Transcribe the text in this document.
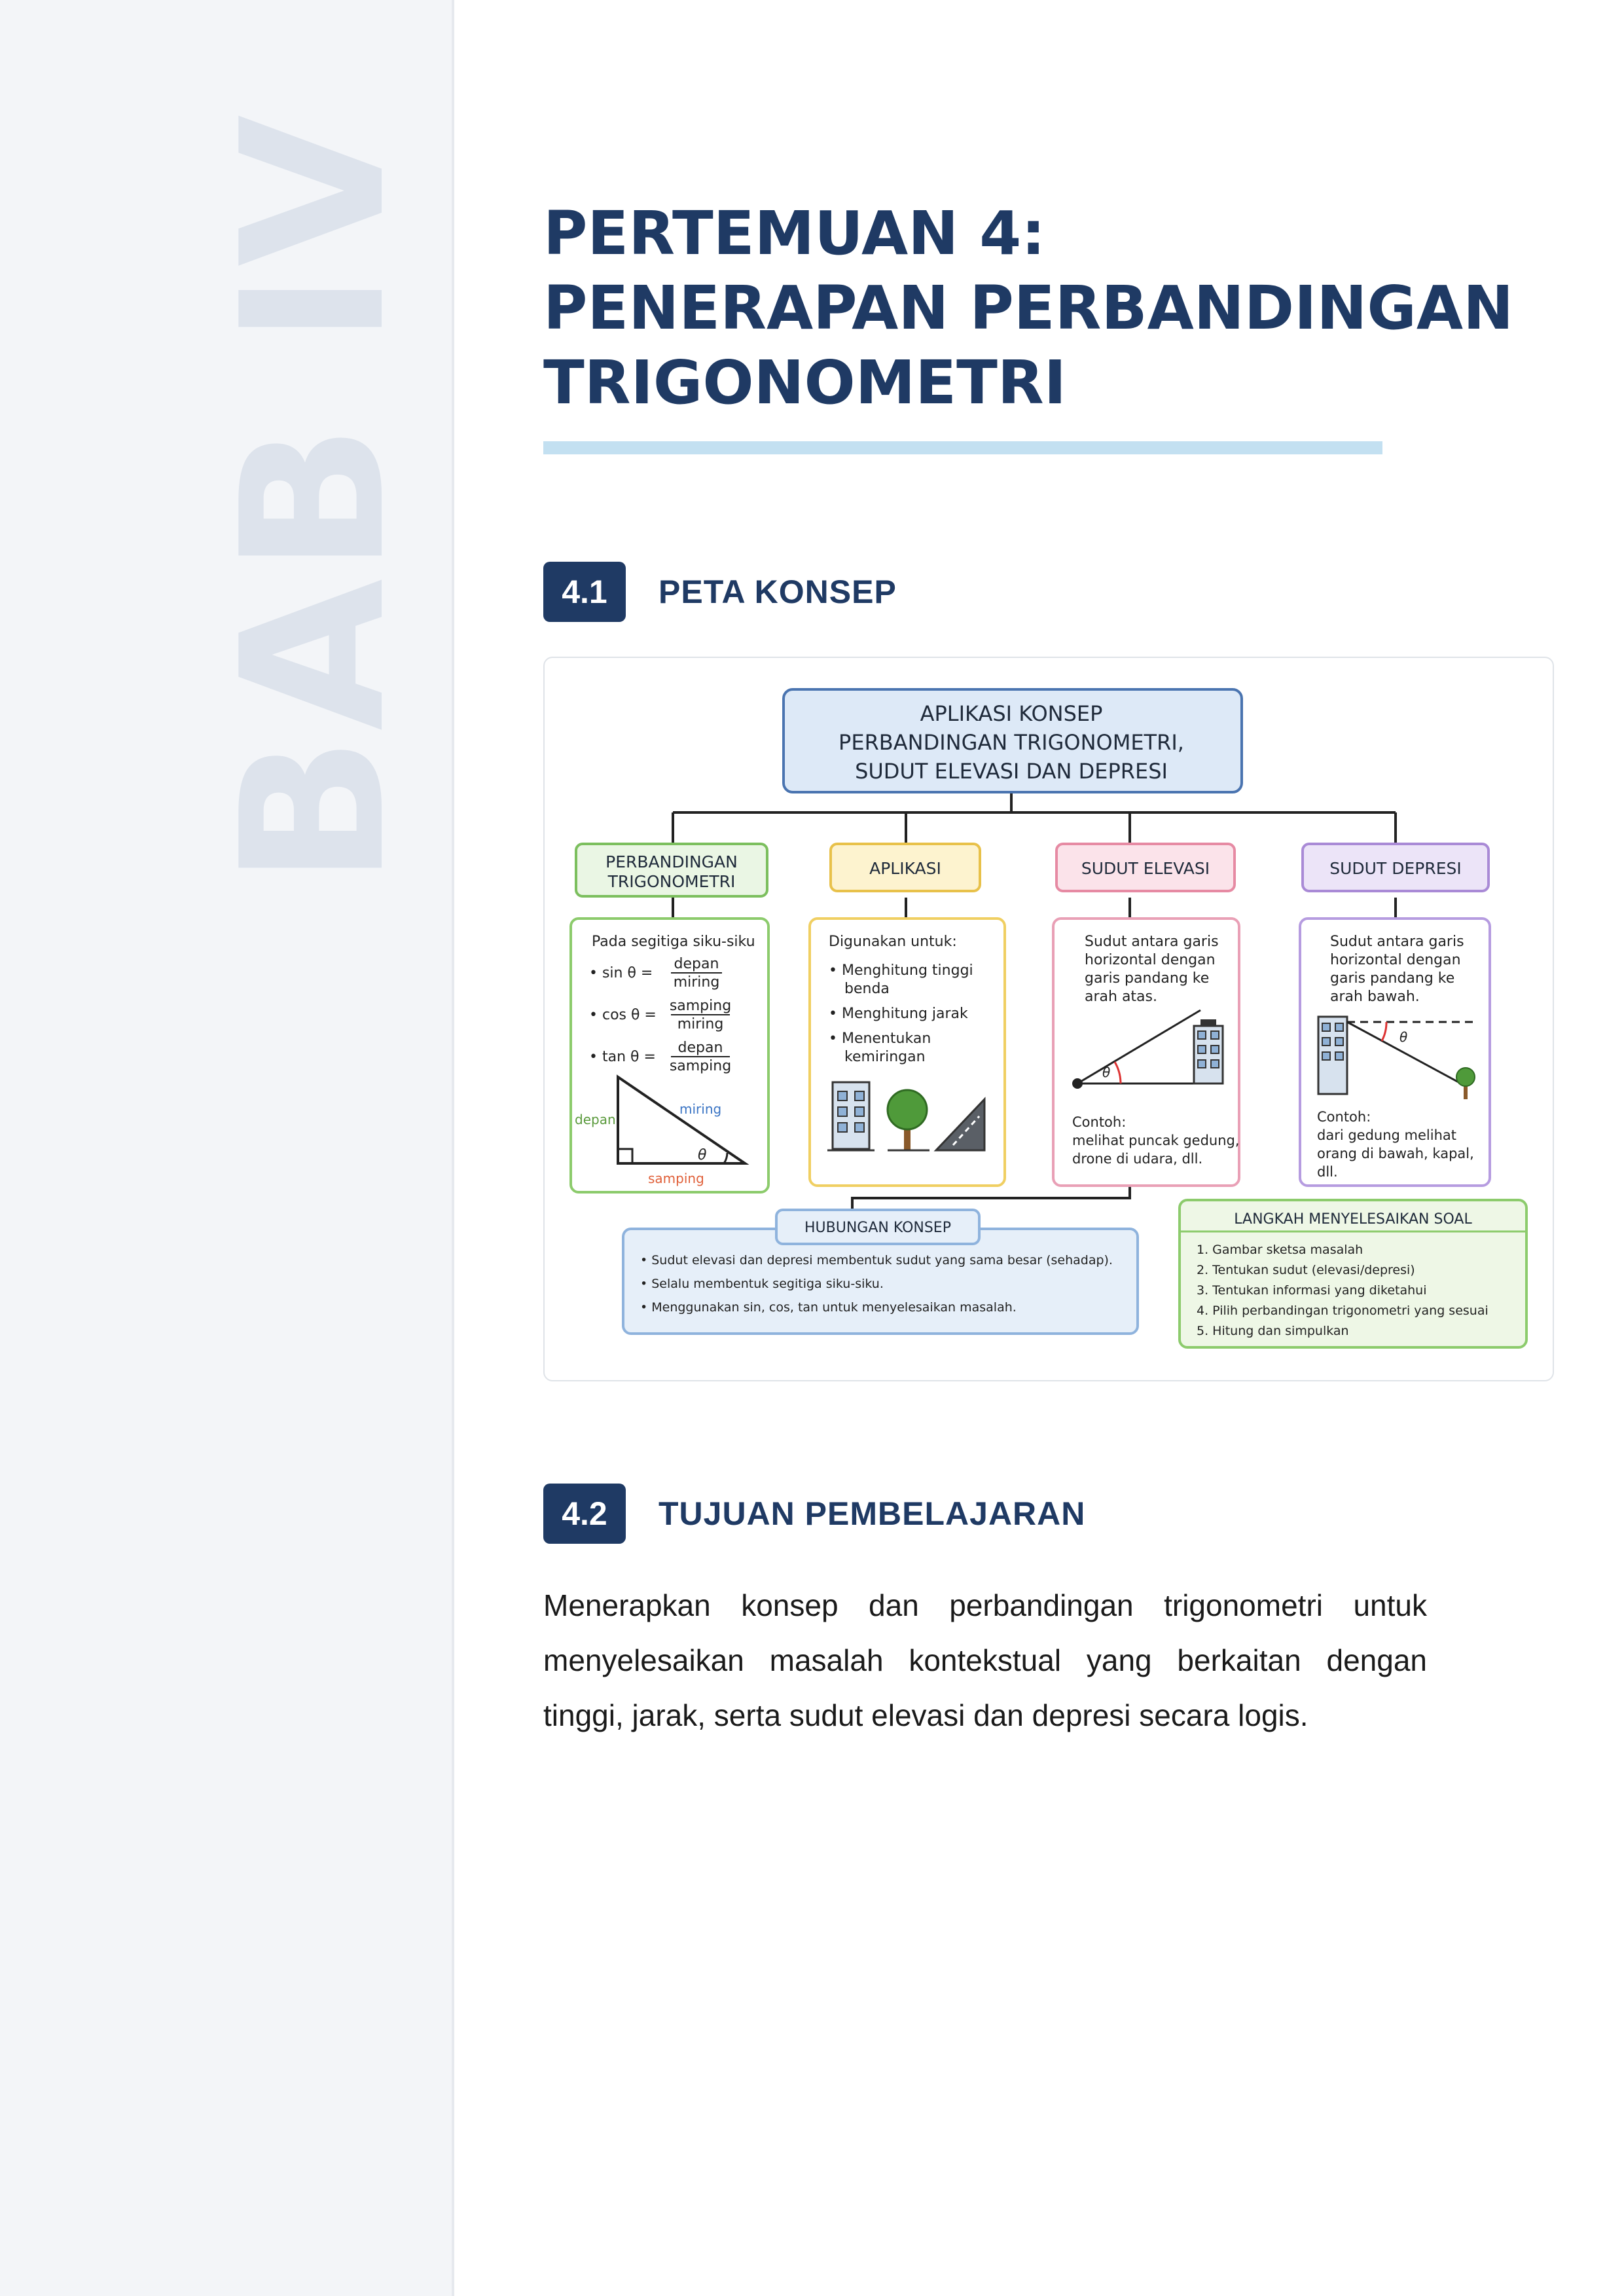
BAB IV PERTEMUAN 4:
PENERAPAN PERBANDINGAN
TRIGONOMETRI
4.1	PETA KONSEP
APLIKASI KONSEP
PERBANDINGAN TRIGONOMETRI,
SUDUT ELEVASI DAN DEPRESI
PERBANDINGAN
TRIGONOMETRI
APLIKASI	SUDUT ELEVASI	SUDUT DEPRESI
Pada segitiga siku-siku
• sin θ =
depan
miring
• cos θ =
samping
miring
• tan θ =
depan
samping
depan
miring
samping
θ
Digunakan untuk:
• Menghitung tinggi
benda
• Menghitung jarak
• Menentukan
kemiringan
Sudut antara garis
horizontal dengan
garis pandang ke
arah atas.
θ
Contoh:
melihat puncak gedung,
drone di udara, dll.
Sudut antara garis
horizontal dengan
garis pandang ke
arah bawah.
θ
Contoh:
dari gedung melihat
orang di bawah, kapal,
dll.
HUBUNGAN KONSEP
• Sudut elevasi dan depresi membentuk sudut yang sama besar (sehadap).
• Selalu membentuk segitiga siku-siku.
• Menggunakan sin, cos, tan untuk menyelesaikan masalah.
LANGKAH MENYELESAIKAN SOAL
1. Gambar sketsa masalah
2. Tentukan sudut (elevasi/depresi)
3. Tentukan informasi yang diketahui
4. Pilih perbandingan trigonometri yang sesuai
5. Hitung dan simpulkan
4.2	TUJUAN PEMBELAJARAN

Menerapkan konsep dan perbandingan trigonometri untuk menyelesaikan masalah kontekstual yang berkaitan dengan tinggi, jarak, serta sudut elevasi dan depresi secara logis.
